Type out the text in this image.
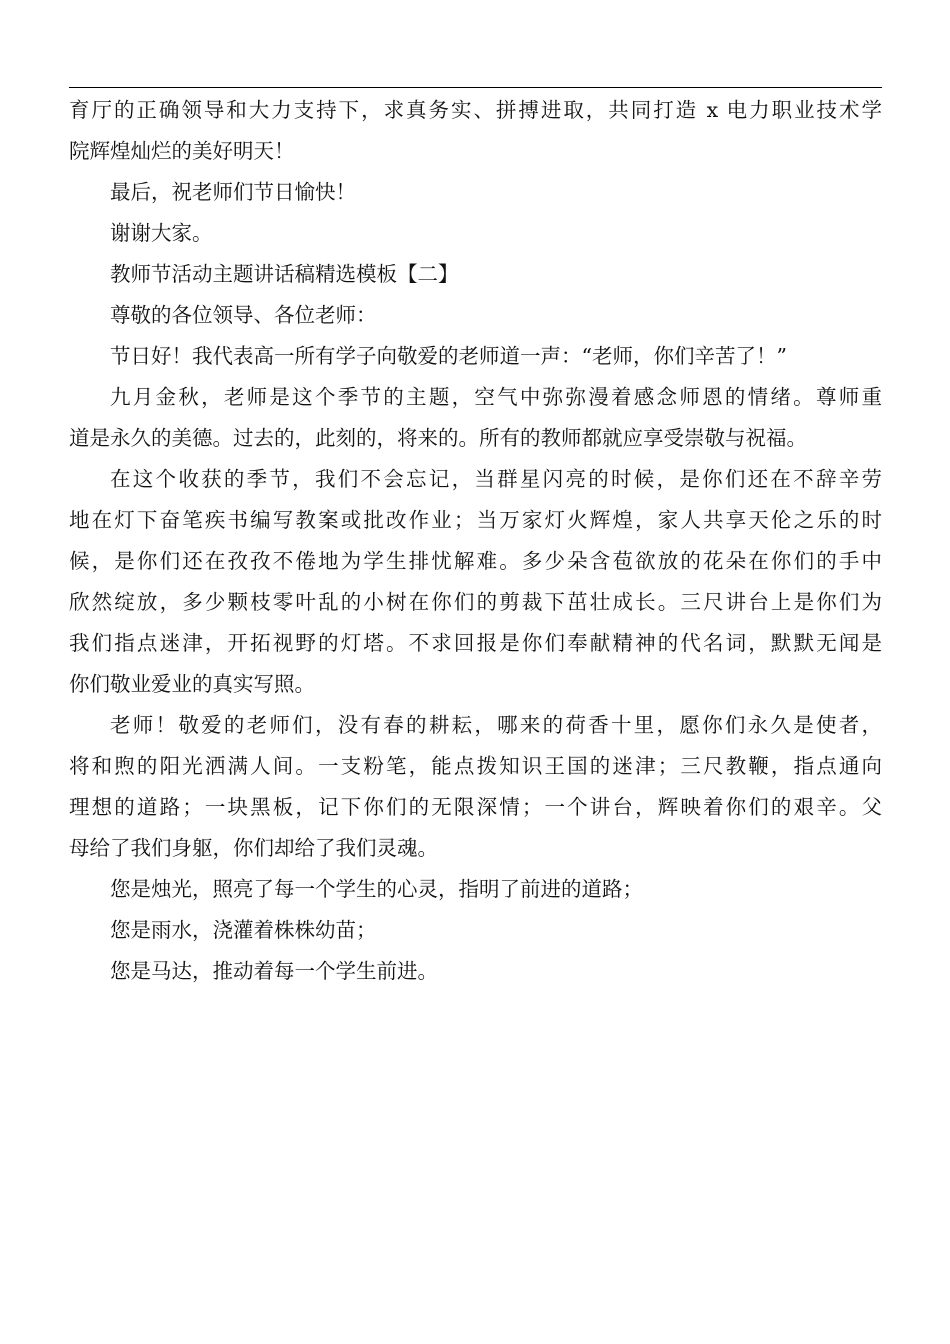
育厅的正确领导和大力支持下，求真务实、拼搏进取，共同打造 x 电力职业技术学
院辉煌灿烂的美好明天！
最后，祝老师们节日愉快！
谢谢大家。
教师节活动主题讲话稿精选模板【二】
尊敬的各位领导、各位老师：
节日好！我代表高一所有学子向敬爱的老师道一声：“老师，你们辛苦了！”
九月金秋，老师是这个季节的主题，空气中弥弥漫着感念师恩的情绪。尊师重
道是永久的美德。过去的，此刻的，将来的。所有的教师都就应享受崇敬与祝福。
在这个收获的季节，我们不会忘记，当群星闪亮的时候，是你们还在不辞辛劳
地在灯下奋笔疾书编写教案或批改作业；当万家灯火辉煌，家人共享天伦之乐的时
候，是你们还在孜孜不倦地为学生排忧解难。多少朵含苞欲放的花朵在你们的手中
欣然绽放，多少颗枝零叶乱的小树在你们的剪裁下茁壮成长。三尺讲台上是你们为
我们指点迷津，开拓视野的灯塔。不求回报是你们奉献精神的代名词，默默无闻是
你们敬业爱业的真实写照。
老师！敬爱的老师们，没有春的耕耘，哪来的荷香十里，愿你们永久是使者，
将和煦的阳光洒满人间。一支粉笔，能点拨知识王国的迷津；三尺教鞭，指点通向
理想的道路；一块黑板，记下你们的无限深情；一个讲台，辉映着你们的艰辛。父
母给了我们身躯，你们却给了我们灵魂。
您是烛光，照亮了每一个学生的心灵，指明了前进的道路；
您是雨水，浇灌着株株幼苗；
您是马达，推动着每一个学生前进。
